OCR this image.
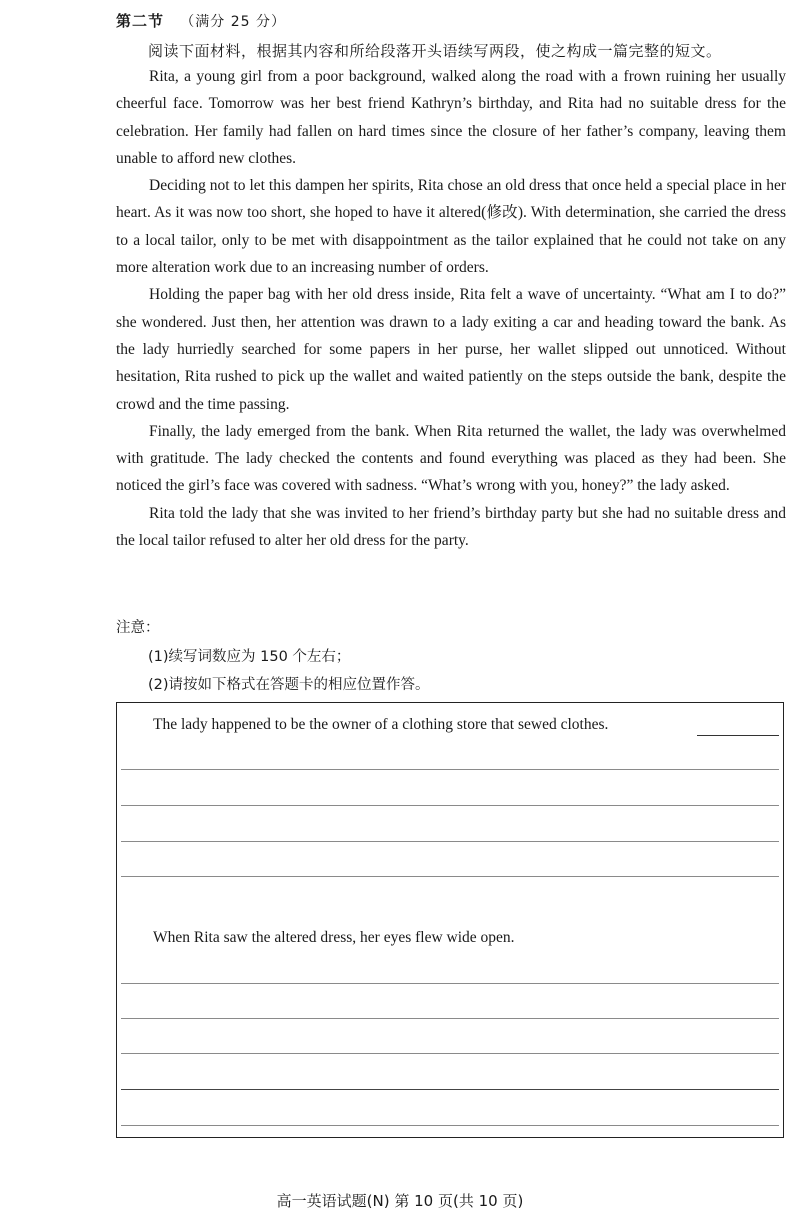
第二节 （满分 25 分）
阅读下面材料，根据其内容和所给段落开头语续写两段，使之构成一篇完整的短文。

Rita, a young girl from a poor background, walked along the road with a frown ruining her usually cheerful face. Tomorrow was her best friend Kathryn’s birthday, and Rita had no suitable dress for the celebration. Her family had fallen on hard times since the closure of her father’s company, leaving them unable to afford new clothes.

Deciding not to let this dampen her spirits, Rita chose an old dress that once held a special place in her heart. As it was now too short, she hoped to have it altered(修改). With determination, she carried the dress to a local tailor, only to be met with disappointment as the tailor explained that he could not take on any more alteration work due to an increasing number of orders.

Holding the paper bag with her old dress inside, Rita felt a wave of uncertainty. “What am I to do?” she wondered. Just then, her attention was drawn to a lady exiting a car and heading toward the bank. As the lady hurriedly searched for some papers in her purse, her wallet slipped out unnoticed. Without hesitation, Rita rushed to pick up the wallet and waited patiently on the steps outside the bank, despite the crowd and the time passing.

Finally, the lady emerged from the bank. When Rita returned the wallet, the lady was overwhelmed with gratitude. The lady checked the contents and found everything was placed as they had been. She noticed the girl’s face was covered with sadness. “What’s wrong with you, honey?” the lady asked.

Rita told the lady that she was invited to her friend’s birthday party but she had no suitable dress and the local tailor refused to alter her old dress for the party.

注意：
(1)续写词数应为 150 个左右；
(2)请按如下格式在答题卡的相应位置作答。
The lady happened to be the owner of a clothing store that sewed clothes.
When Rita saw the altered dress, her eyes flew wide open.
高一英语试题(N) 第 10 页(共 10 页)
